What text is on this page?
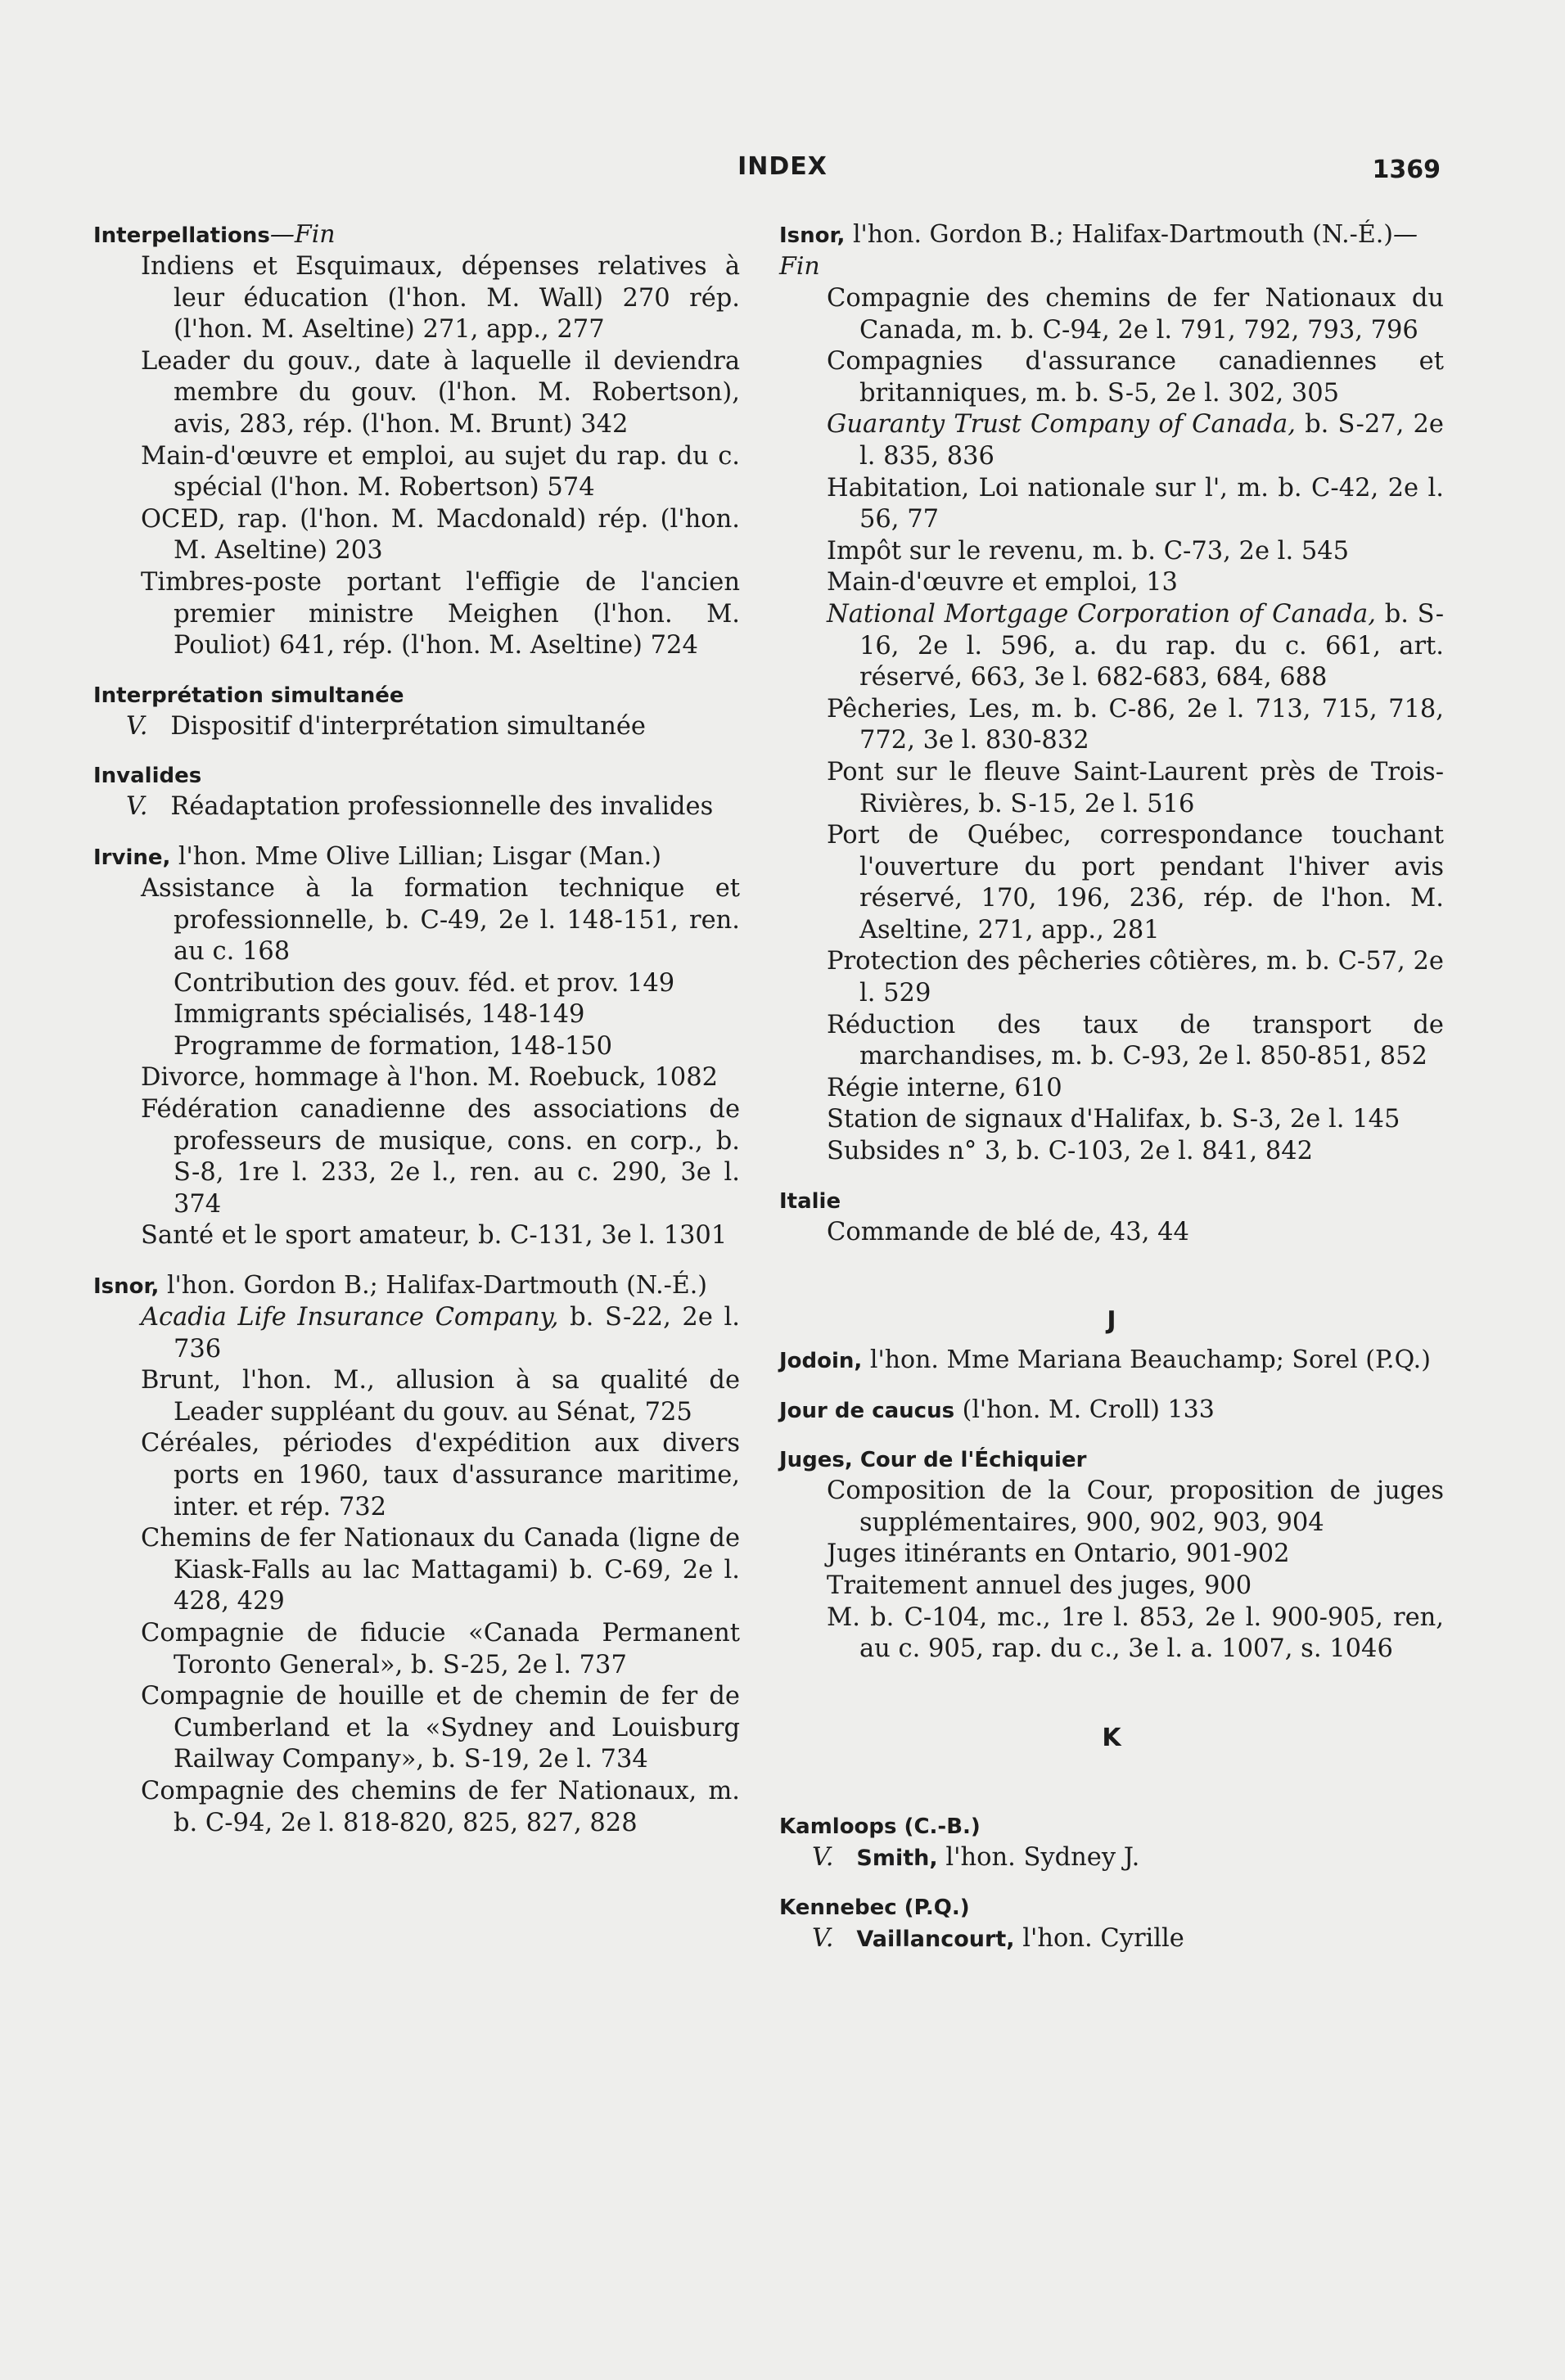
INDEX	1369
Interpellations—Fin
Indiens et Esquimaux, dépenses relatives à leur éducation (l'hon. M. Wall) 270 rép. (l'hon. M. Aseltine) 271, app., 277
Leader du gouv., date à laquelle il deviendra membre du gouv. (l'hon. M. Robertson), avis, 283, rép. (l'hon. M. Brunt) 342
Main-d'œuvre et emploi, au sujet du rap. du c. spécial (l'hon. M. Robertson) 574
OCED, rap. (l'hon. M. Macdonald) rép. (l'hon. M. Aseltine) 203
Timbres-poste portant l'effigie de l'ancien premier ministre Meighen (l'hon. M. Pouliot) 641, rép. (l'hon. M. Aseltine) 724
Interprétation simultanée
V. Dispositif d'interprétation simultanée
Invalides
V. Réadaptation professionnelle des invalides
Irvine, l'hon. Mme Olive Lillian; Lisgar (Man.)
Assistance à la formation technique et professionnelle, b. C-49, 2e l. 148-151, ren. au c. 168
Contribution des gouv. féd. et prov. 149
Immigrants spécialisés, 148-149
Programme de formation, 148-150
Divorce, hommage à l'hon. M. Roebuck, 1082
Fédération canadienne des associations de professeurs de musique, cons. en corp., b. S-8, 1re l. 233, 2e l., ren. au c. 290, 3e l. 374
Santé et le sport amateur, b. C-131, 3e l. 1301
Isnor, l'hon. Gordon B.; Halifax-Dartmouth (N.-É.)
Acadia Life Insurance Company, b. S-22, 2e l. 736
Brunt, l'hon. M., allusion à sa qualité de Leader suppléant du gouv. au Sénat, 725
Céréales, périodes d'expédition aux divers ports en 1960, taux d'assurance maritime, inter. et rép. 732
Chemins de fer Nationaux du Canada (ligne de Kiask-Falls au lac Mattagami) b. C-69, 2e l. 428, 429
Compagnie de fiducie «Canada Permanent Toronto General», b. S-25, 2e l. 737
Compagnie de houille et de chemin de fer de Cumberland et la «Sydney and Louisburg Railway Company», b. S-19, 2e l. 734
Compagnie des chemins de fer Nationaux, m. b. C-94, 2e l. 818-820, 825, 827, 828
Isnor, l'hon. Gordon B.; Halifax-Dartmouth (N.-É.)—Fin
Compagnie des chemins de fer Nationaux du Canada, m. b. C-94, 2e l. 791, 792, 793, 796
Compagnies d'assurance canadiennes et britanniques, m. b. S-5, 2e l. 302, 305
Guaranty Trust Company of Canada, b. S-27, 2e l. 835, 836
Habitation, Loi nationale sur l', m. b. C-42, 2e l. 56, 77
Impôt sur le revenu, m. b. C-73, 2e l. 545
Main-d'œuvre et emploi, 13
National Mortgage Corporation of Canada, b. S-16, 2e l. 596, a. du rap. du c. 661, art. réservé, 663, 3e l. 682-683, 684, 688
Pêcheries, Les, m. b. C-86, 2e l. 713, 715, 718, 772, 3e l. 830-832
Pont sur le fleuve Saint-Laurent près de Trois-Rivières, b. S-15, 2e l. 516
Port de Québec, correspondance touchant l'ouverture du port pendant l'hiver avis réservé, 170, 196, 236, rép. de l'hon. M. Aseltine, 271, app., 281
Protection des pêcheries côtières, m. b. C-57, 2e l. 529
Réduction des taux de transport de marchandises, m. b. C-93, 2e l. 850-851, 852
Régie interne, 610
Station de signaux d'Halifax, b. S-3, 2e l. 145
Subsides n° 3, b. C-103, 2e l. 841, 842
Italie
Commande de blé de, 43, 44
J
Jodoin, l'hon. Mme Mariana Beauchamp; Sorel (P.Q.)
Jour de caucus (l'hon. M. Croll) 133
Juges, Cour de l'Échiquier
Composition de la Cour, proposition de juges supplémentaires, 900, 902, 903, 904
Juges itinérants en Ontario, 901-902
Traitement annuel des juges, 900
M. b. C-104, mc., 1re l. 853, 2e l. 900-905, ren, au c. 905, rap. du c., 3e l. a. 1007, s. 1046
K
Kamloops (C.-B.)
V. Smith, l'hon. Sydney J.
Kennebec (P.Q.)
V. Vaillancourt, l'hon. Cyrille
